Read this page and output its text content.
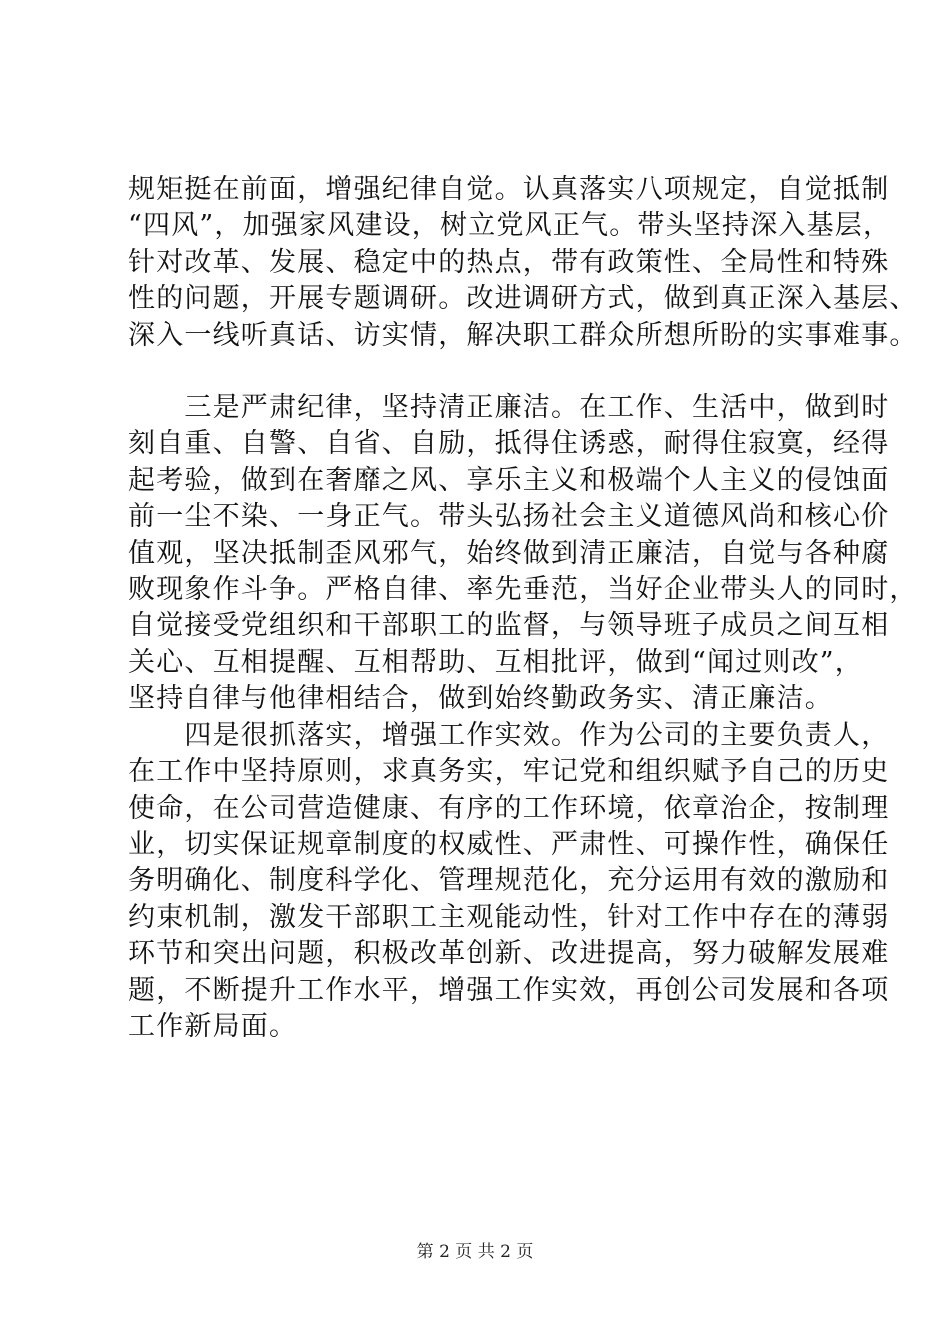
规矩挺在前面，增强纪律自觉。认真落实八项规定，自觉抵制
“四风”，加强家风建设，树立党风正气。带头坚持深入基层，
针对改革、发展、稳定中的热点，带有政策性、全局性和特殊
性的问题，开展专题调研。改进调研方式，做到真正深入基层、
深入一线听真话、访实情，解决职工群众所想所盼的实事难事。
　　三是严肃纪律，坚持清正廉洁。在工作、生活中，做到时
刻自重、自警、自省、自励，抵得住诱惑，耐得住寂寞，经得
起考验，做到在奢靡之风、享乐主义和极端个人主义的侵蚀面
前一尘不染、一身正气。带头弘扬社会主义道德风尚和核心价
值观，坚决抵制歪风邪气，始终做到清正廉洁，自觉与各种腐
败现象作斗争。严格自律、率先垂范，当好企业带头人的同时，
自觉接受党组织和干部职工的监督，与领导班子成员之间互相
关心、互相提醒、互相帮助、互相批评，做到“闻过则改”，
坚持自律与他律相结合，做到始终勤政务实、清正廉洁。
　　四是很抓落实，增强工作实效。作为公司的主要负责人，
在工作中坚持原则，求真务实，牢记党和组织赋予自己的历史
使命，在公司营造健康、有序的工作环境，依章治企，按制理
业，切实保证规章制度的权威性、严肃性、可操作性，确保任
务明确化、制度科学化、管理规范化，充分运用有效的激励和
约束机制，激发干部职工主观能动性，针对工作中存在的薄弱
环节和突出问题，积极改革创新、改进提高，努力破解发展难
题，不断提升工作水平，增强工作实效，再创公司发展和各项
工作新局面。
第 2 页 共 2 页
